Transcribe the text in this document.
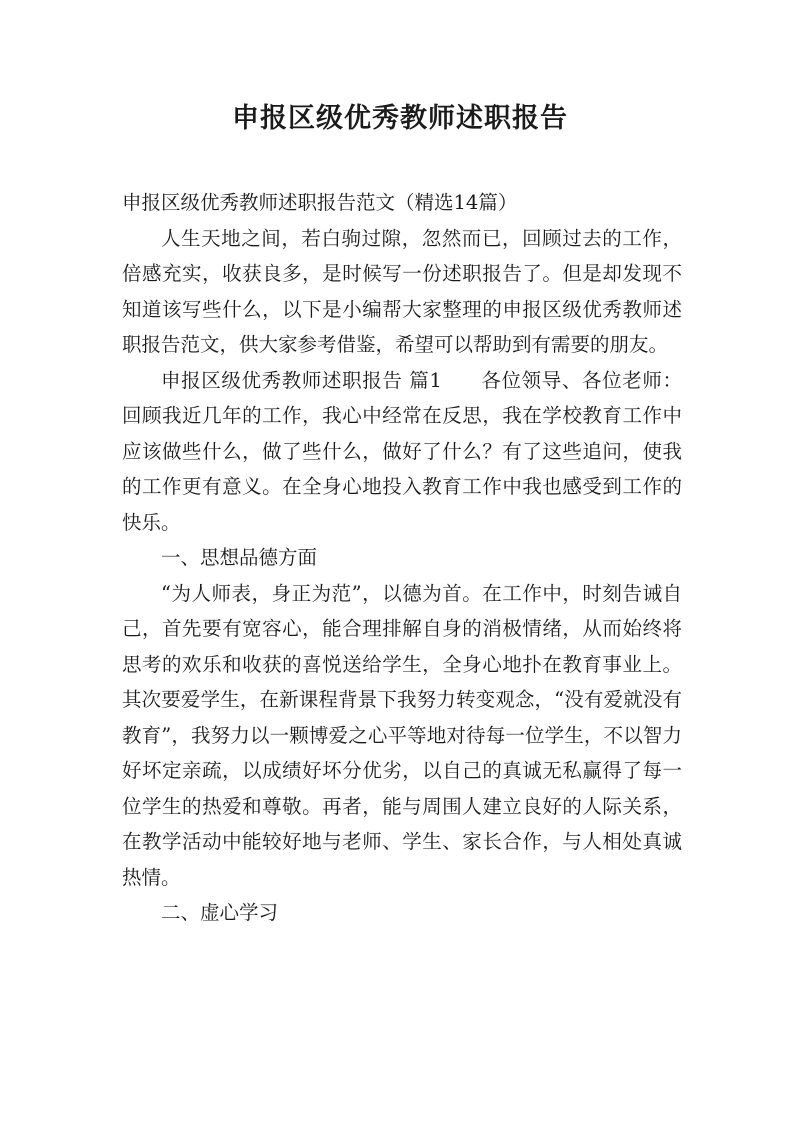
申报区级优秀教师述职报告

申报区级优秀教师述职报告范文（精选14篇）

人生天地之间，若白驹过隙，忽然而已，回顾过去的工作，倍感充实，收获良多，是时候写一份述职报告了。但是却发现不知道该写些什么，以下是小编帮大家整理的申报区级优秀教师述职报告范文，供大家参考借鉴，希望可以帮助到有需要的朋友。

申报区级优秀教师述职报告 篇1 各位领导、各位老师：回顾我近几年的工作，我心中经常在反思，我在学校教育工作中应该做些什么，做了些什么，做好了什么？有了这些追问，使我的工作更有意义。在全身心地投入教育工作中我也感受到工作的快乐。

一、思想品德方面

“为人师表，身正为范”，以德为首。在工作中，时刻告诫自己，首先要有宽容心，能合理排解自身的消极情绪，从而始终将思考的欢乐和收获的喜悦送给学生，全身心地扑在教育事业上。其次要爱学生，在新课程背景下我努力转变观念，“没有爱就没有教育”，我努力以一颗博爱之心平等地对待每一位学生，不以智力好坏定亲疏，以成绩好坏分优劣，以自己的真诚无私赢得了每一位学生的热爱和尊敬。再者，能与周围人建立良好的人际关系，在教学活动中能较好地与老师、学生、家长合作，与人相处真诚热情。

二、虚心学习
